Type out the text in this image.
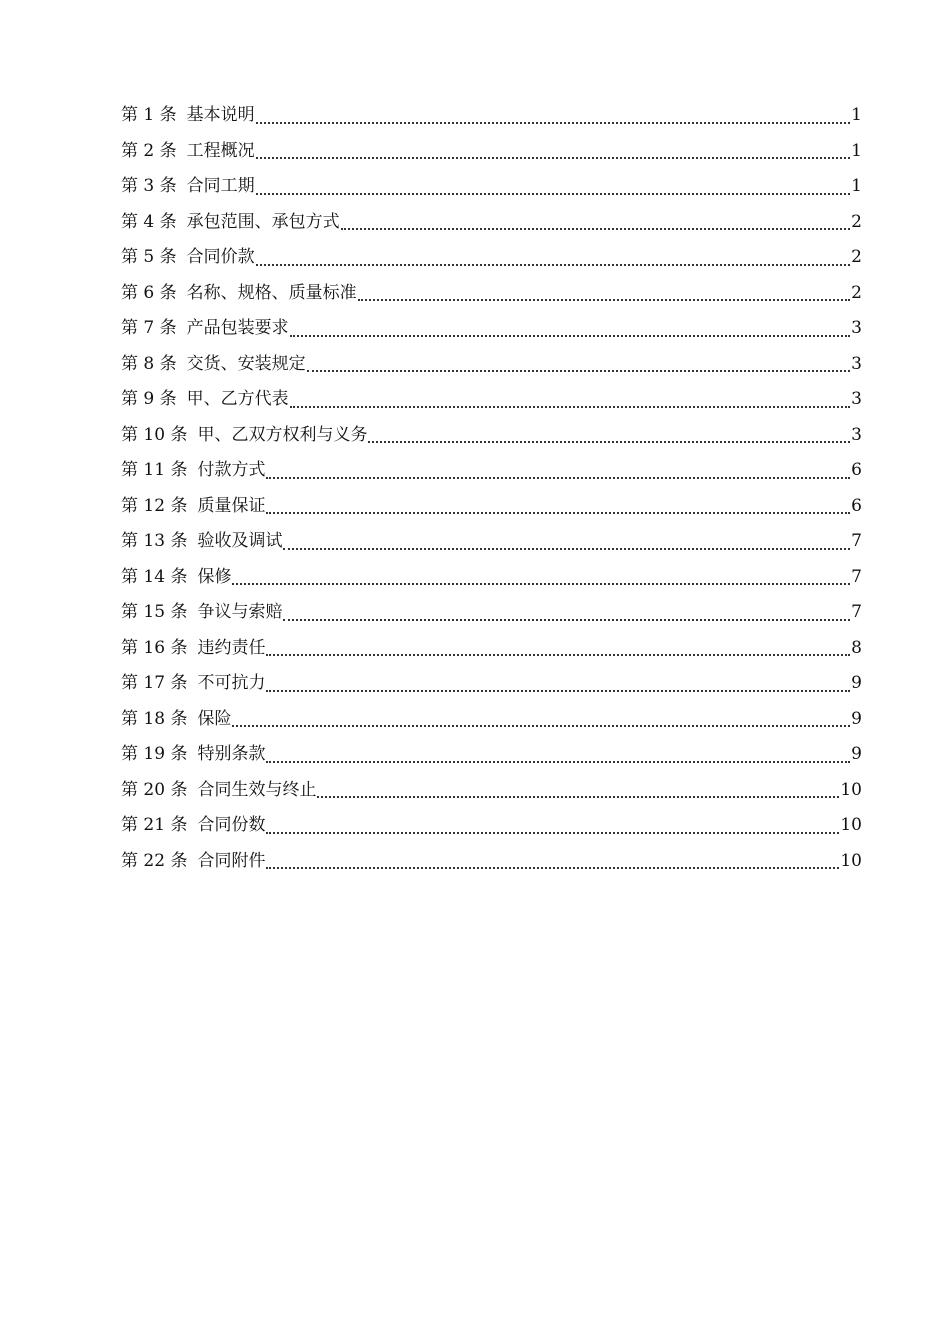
第 1 条 基本说明	1
第 2 条 工程概况	1
第 3 条 合同工期	1
第 4 条 承包范围、承包方式	2
第 5 条 合同价款	2
第 6 条 名称、规格、质量标准	2
第 7 条 产品包装要求	3
第 8 条 交货、安装规定	3
第 9 条 甲、乙方代表	3
第 10 条 甲、乙双方权利与义务	3
第 11 条 付款方式	6
第 12 条 质量保证	6
第 13 条 验收及调试	7
第 14 条 保修	7
第 15 条 争议与索赔	7
第 16 条 违约责任	8
第 17 条 不可抗力	9
第 18 条 保险	9
第 19 条 特别条款	9
第 20 条 合同生效与终止	10
第 21 条 合同份数	10
第 22 条 合同附件	10
